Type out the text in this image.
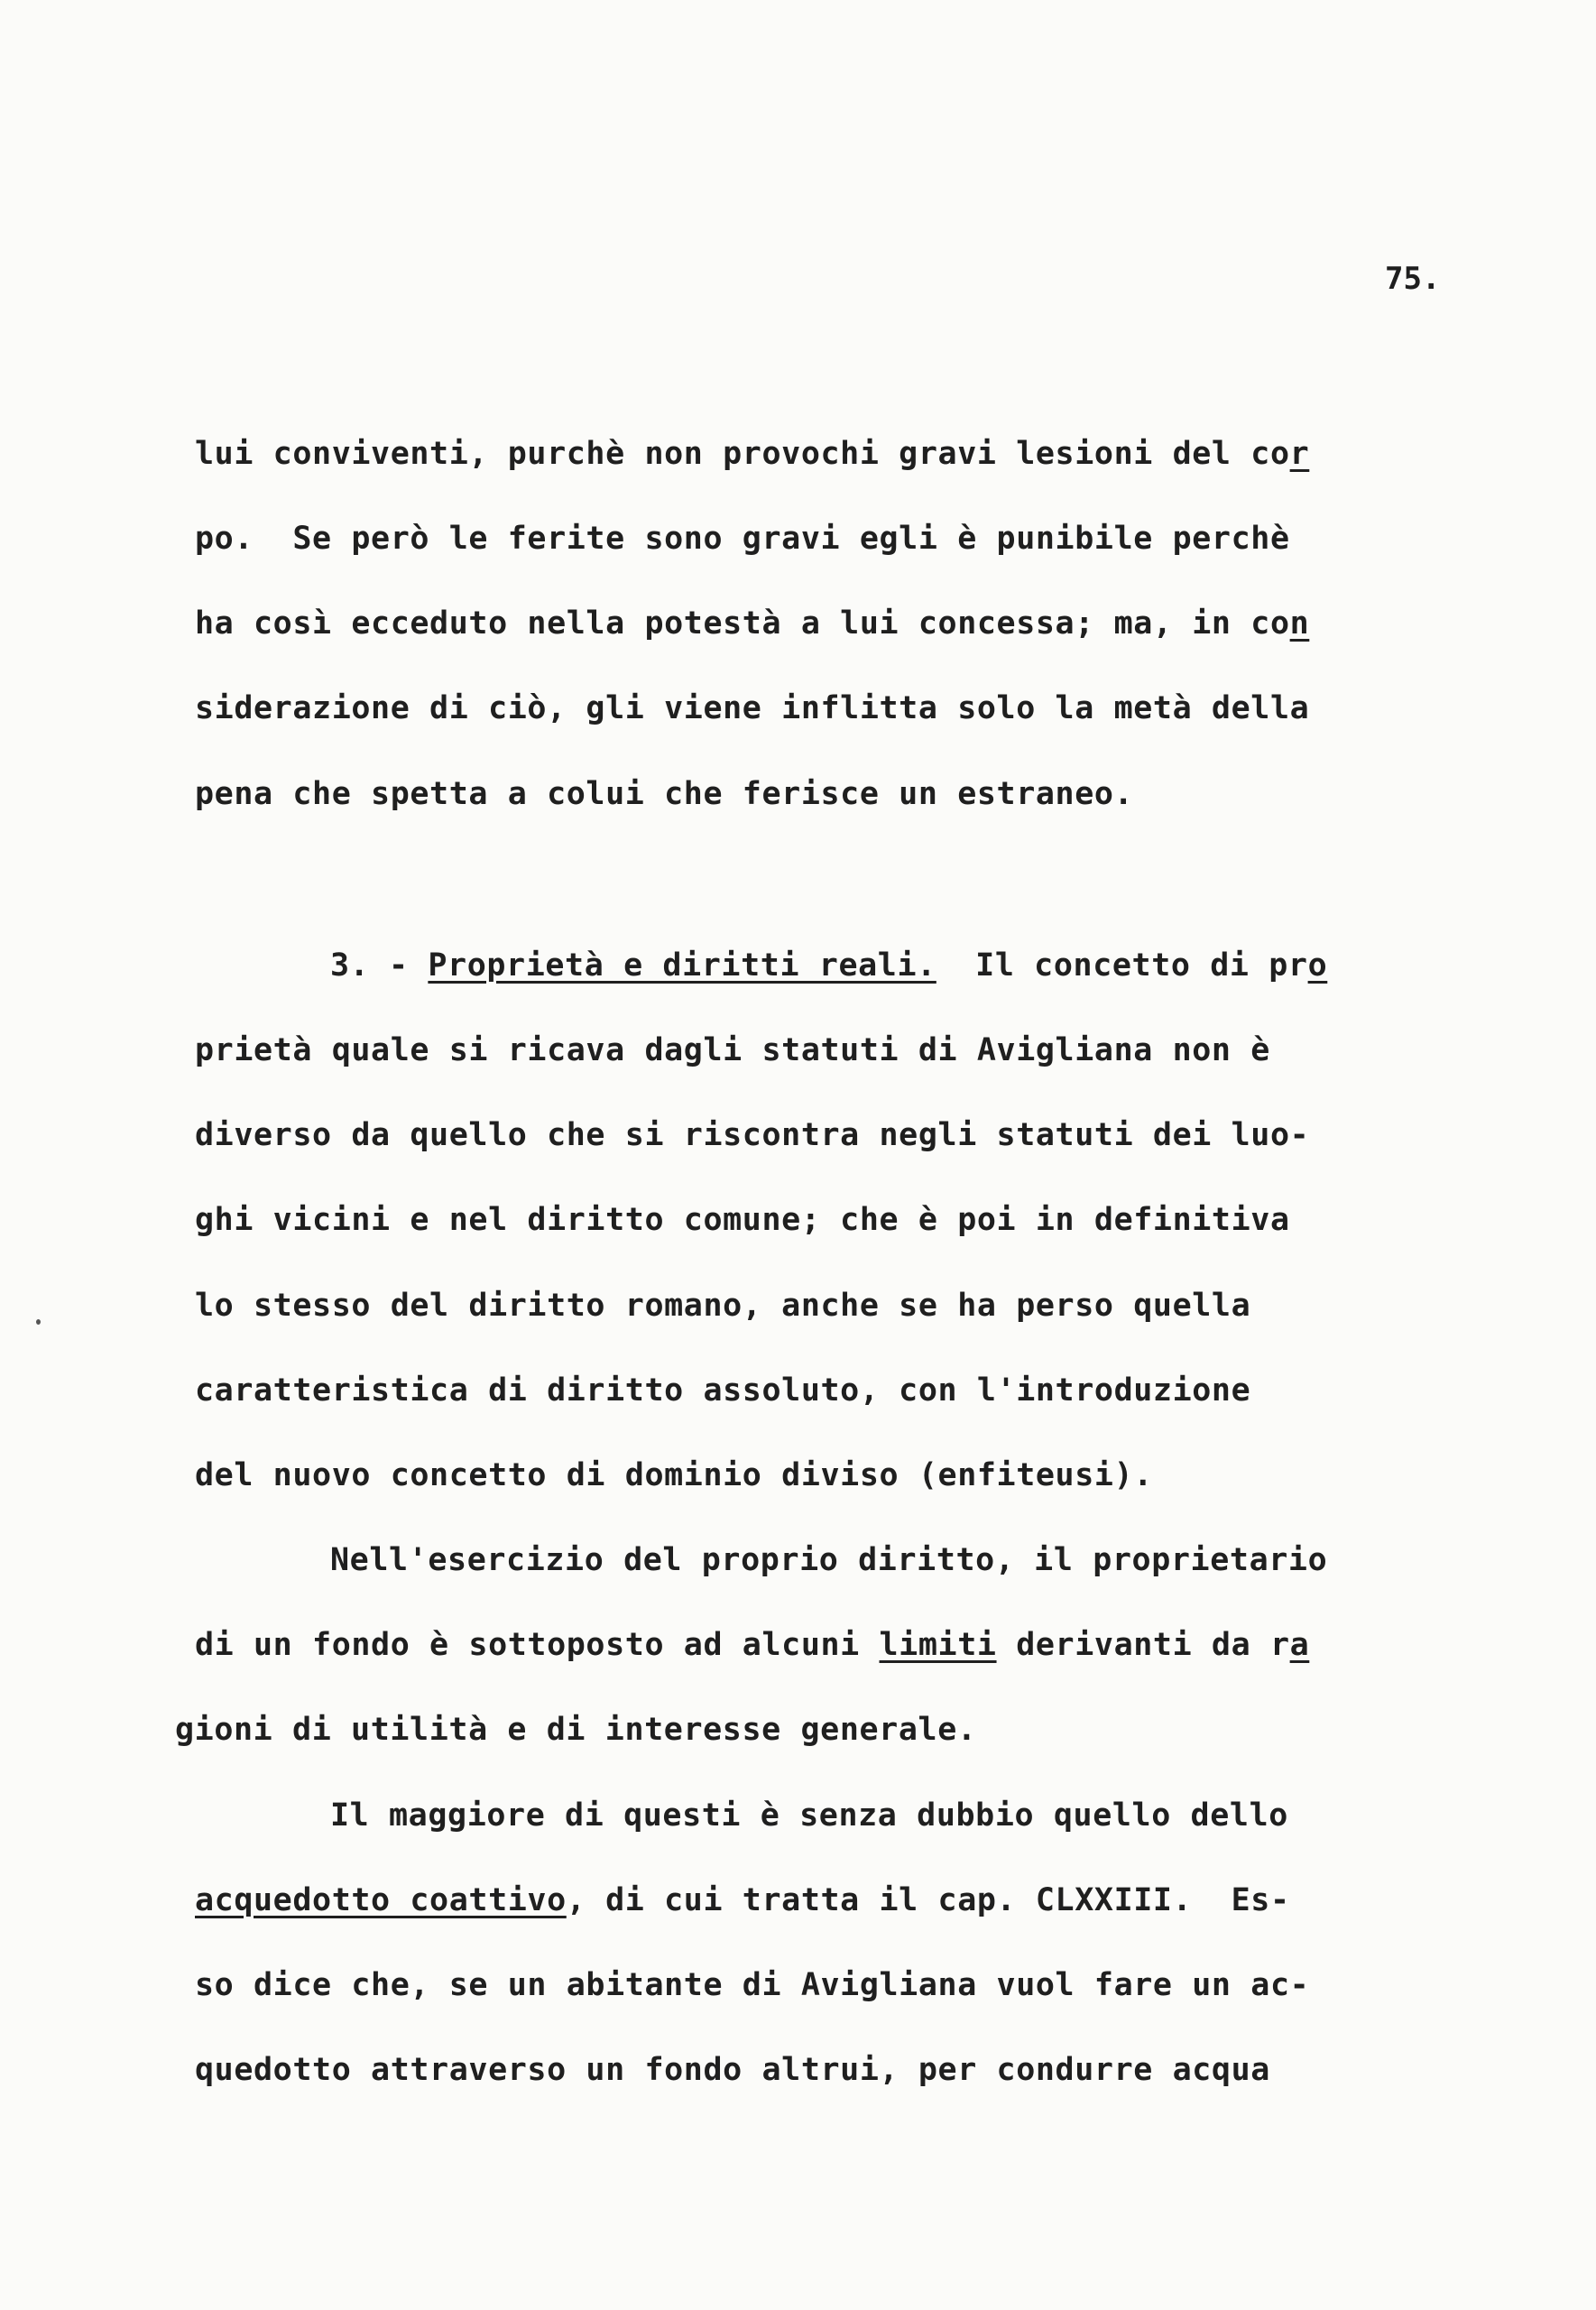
75.
lui conviventi, purchè non provochi gravi lesioni del cor
po.  Se però le ferite sono gravi egli è punibile perchè
ha così ecceduto nella potestà a lui concessa; ma, in con
siderazione di ciò, gli viene inflitta solo la metà della
pena che spetta a colui che ferisce un estraneo.
3. - Proprietà e diritti reali.  Il concetto di pro
prietà quale si ricava dagli statuti di Avigliana non è
diverso da quello che si riscontra negli statuti dei luo-
ghi vicini e nel diritto comune; che è poi in definitiva
lo stesso del diritto romano, anche se ha perso quella
caratteristica di diritto assoluto, con l'introduzione
del nuovo concetto di dominio diviso (enfiteusi).
Nell'esercizio del proprio diritto, il proprietario
di un fondo è sottoposto ad alcuni limiti derivanti da ra
gioni di utilità e di interesse generale.
Il maggiore di questi è senza dubbio quello dello
acquedotto coattivo, di cui tratta il cap. CLXXIII.  Es-
so dice che, se un abitante di Avigliana vuol fare un ac-
quedotto attraverso un fondo altrui, per condurre acqua
